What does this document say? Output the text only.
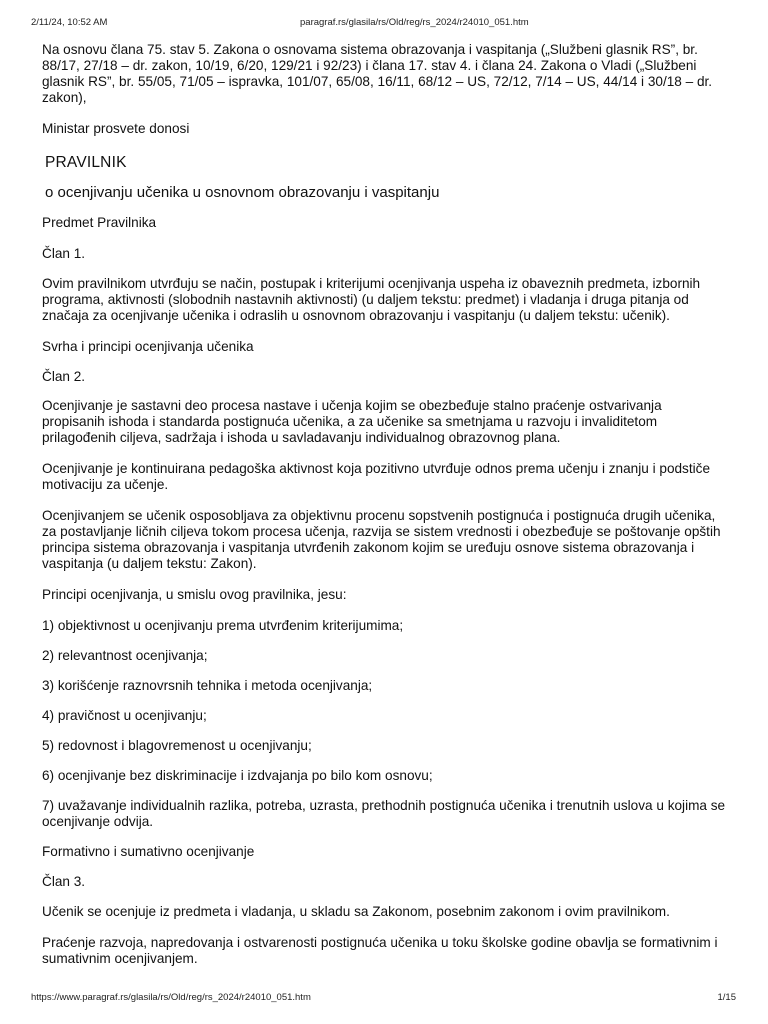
2/11/24, 10:52 AM	paragraf.rs/glasila/rs/Old/reg/rs_2024/r24010_051.htm

Na osnovu člana 75. stav 5. Zakona o osnovama sistema obrazovanja i vaspitanja („Službeni glasnik RS”, br. 88/17, 27/18 – dr. zakon, 10/19, 6/20, 129/21 i 92/23) i člana 17. stav 4. i člana 24. Zakona o Vladi („Službeni glasnik RS”, br. 55/05, 71/05 – ispravka, 101/07, 65/08, 16/11, 68/12 – US, 72/12, 7/14 – US, 44/14 i 30/18 – dr. zakon),

Ministar prosvete donosi

PRAVILNIK
o ocenjivanju učenika u osnovnom obrazovanju i vaspitanju

Predmet Pravilnika

Član 1.

Ovim pravilnikom utvrđuju se način, postupak i kriterijumi ocenjivanja uspeha iz obaveznih predmeta, izbornih programa, aktivnosti (slobodnih nastavnih aktivnosti) (u daljem tekstu: predmet) i vladanja i druga pitanja od značaja za ocenjivanje učenika i odraslih u osnovnom obrazovanju i vaspitanju (u daljem tekstu: učenik).

Svrha i principi ocenjivanja učenika

Član 2.

Ocenjivanje je sastavni deo procesa nastave i učenja kojim se obezbeđuje stalno praćenje ostvarivanja propisanih ishoda i standarda postignuća učenika, a za učenike sa smetnjama u razvoju i invaliditetom prilagođenih ciljeva, sadržaja i ishoda u savladavanju individualnog obrazovnog plana.

Ocenjivanje je kontinuirana pedagoška aktivnost koja pozitivno utvrđuje odnos prema učenju i znanju i podstiče motivaciju za učenje.

Ocenjivanjem se učenik osposobljava za objektivnu procenu sopstvenih postignuća i postignuća drugih učenika, za postavljanje ličnih ciljeva tokom procesa učenja, razvija se sistem vrednosti i obezbeđuje se poštovanje opštih principa sistema obrazovanja i vaspitanja utvrđenih zakonom kojim se uređuju osnove sistema obrazovanja i vaspitanja (u daljem tekstu: Zakon).

Principi ocenjivanja, u smislu ovog pravilnika, jesu:

1) objektivnost u ocenjivanju prema utvrđenim kriterijumima;

2) relevantnost ocenjivanja;

3) korišćenje raznovrsnih tehnika i metoda ocenjivanja;

4) pravičnost u ocenjivanju;

5) redovnost i blagovremenost u ocenjivanju;

6) ocenjivanje bez diskriminacije i izdvajanja po bilo kom osnovu;

7) uvažavanje individualnih razlika, potreba, uzrasta, prethodnih postignuća učenika i trenutnih uslova u kojima se ocenjivanje odvija.

Formativno i sumativno ocenjivanje

Član 3.

Učenik se ocenjuje iz predmeta i vladanja, u skladu sa Zakonom, posebnim zakonom i ovim pravilnikom.

Praćenje razvoja, napredovanja i ostvarenosti postignuća učenika u toku školske godine obavlja se formativnim i sumativnim ocenjivanjem.

https://www.paragraf.rs/glasila/rs/Old/reg/rs_2024/r24010_051.htm	1/15
